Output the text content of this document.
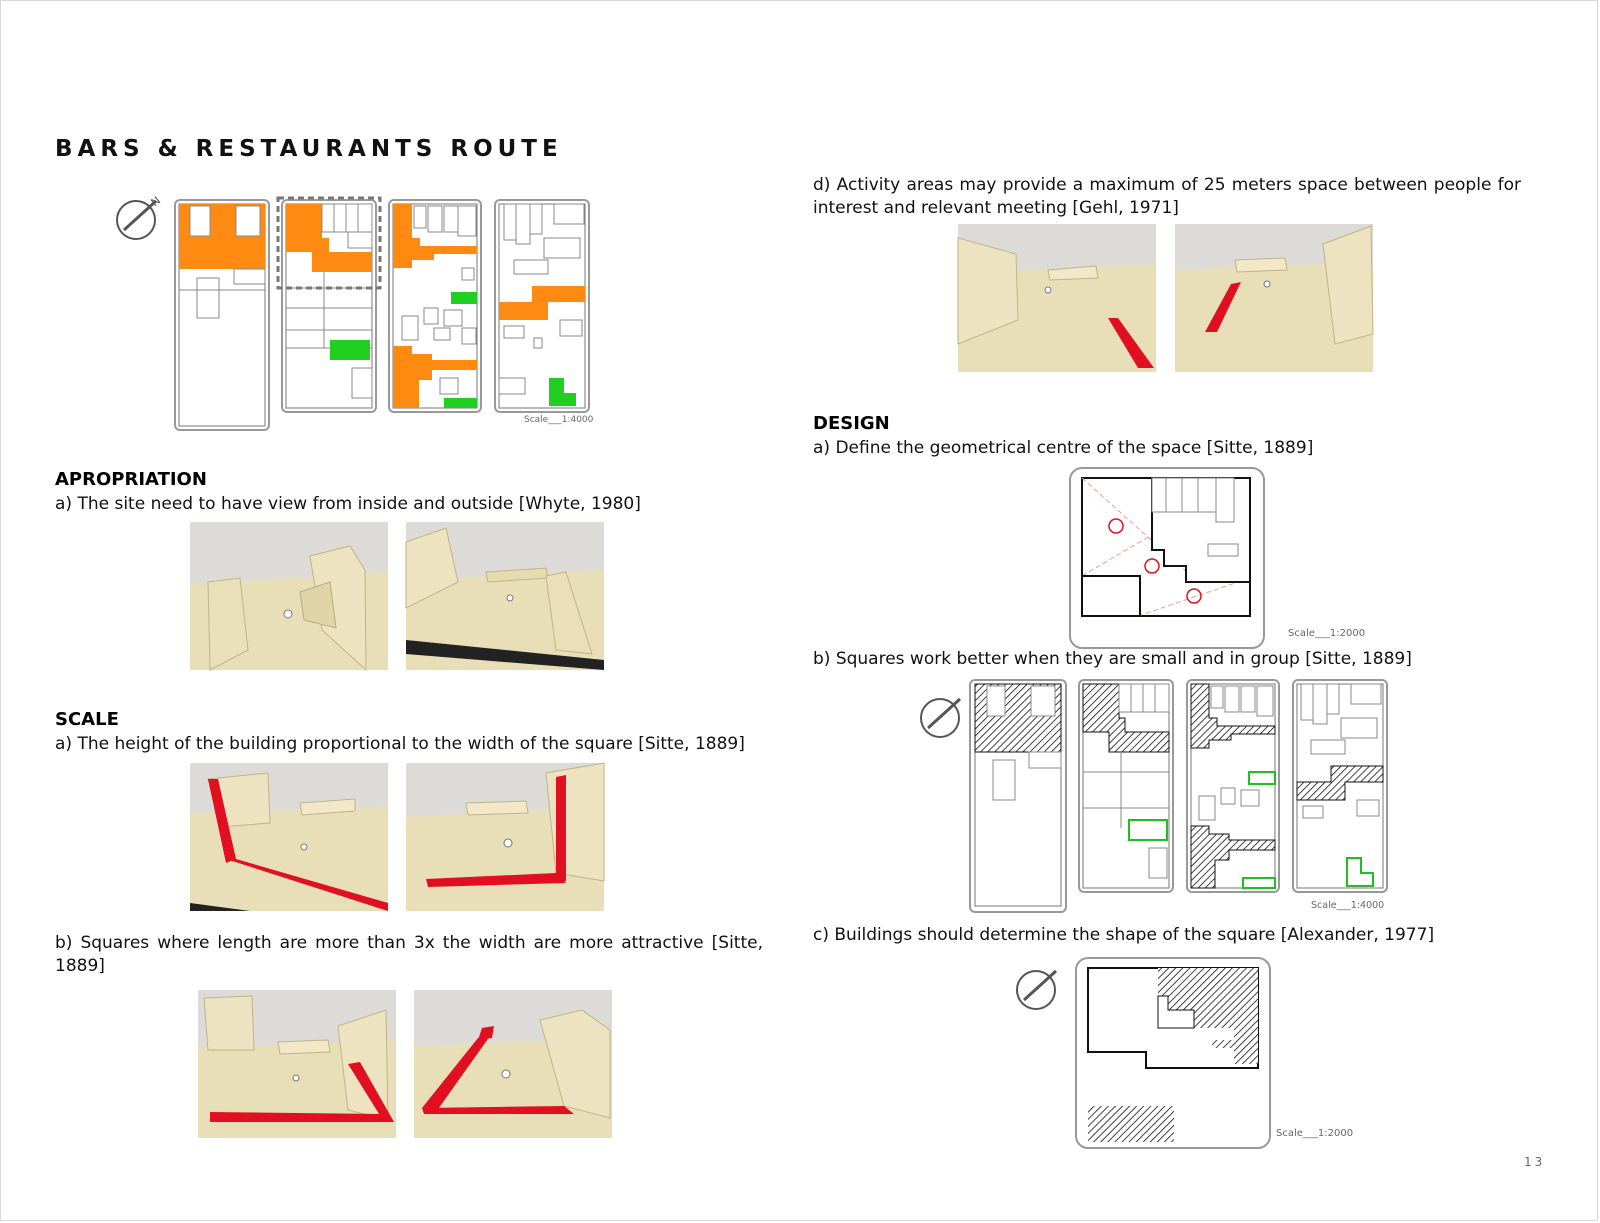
BARS & RESTAURANTS ROUTE
N
Scale___1:4000
APROPRIATION
a) The site need to have view from inside and outside [Whyte, 1980]
SCALE
a) The height of the building proportional to the width of the square [Sitte, 1889]
b) Squares where length are more than 3x the width are more attractive [Sitte, 1889]
d) Activity areas may provide a maximum of 25 meters space between people for interest and relevant meeting [Gehl, 1971]
DESIGN
a) Define the geometrical centre of the space [Sitte, 1889]
Scale___1:2000
b) Squares work better when they are small and in group [Sitte, 1889]
Scale___1:4000
c) Buildings should determine the shape of the square [Alexander, 1977]
Scale___1:2000
13
